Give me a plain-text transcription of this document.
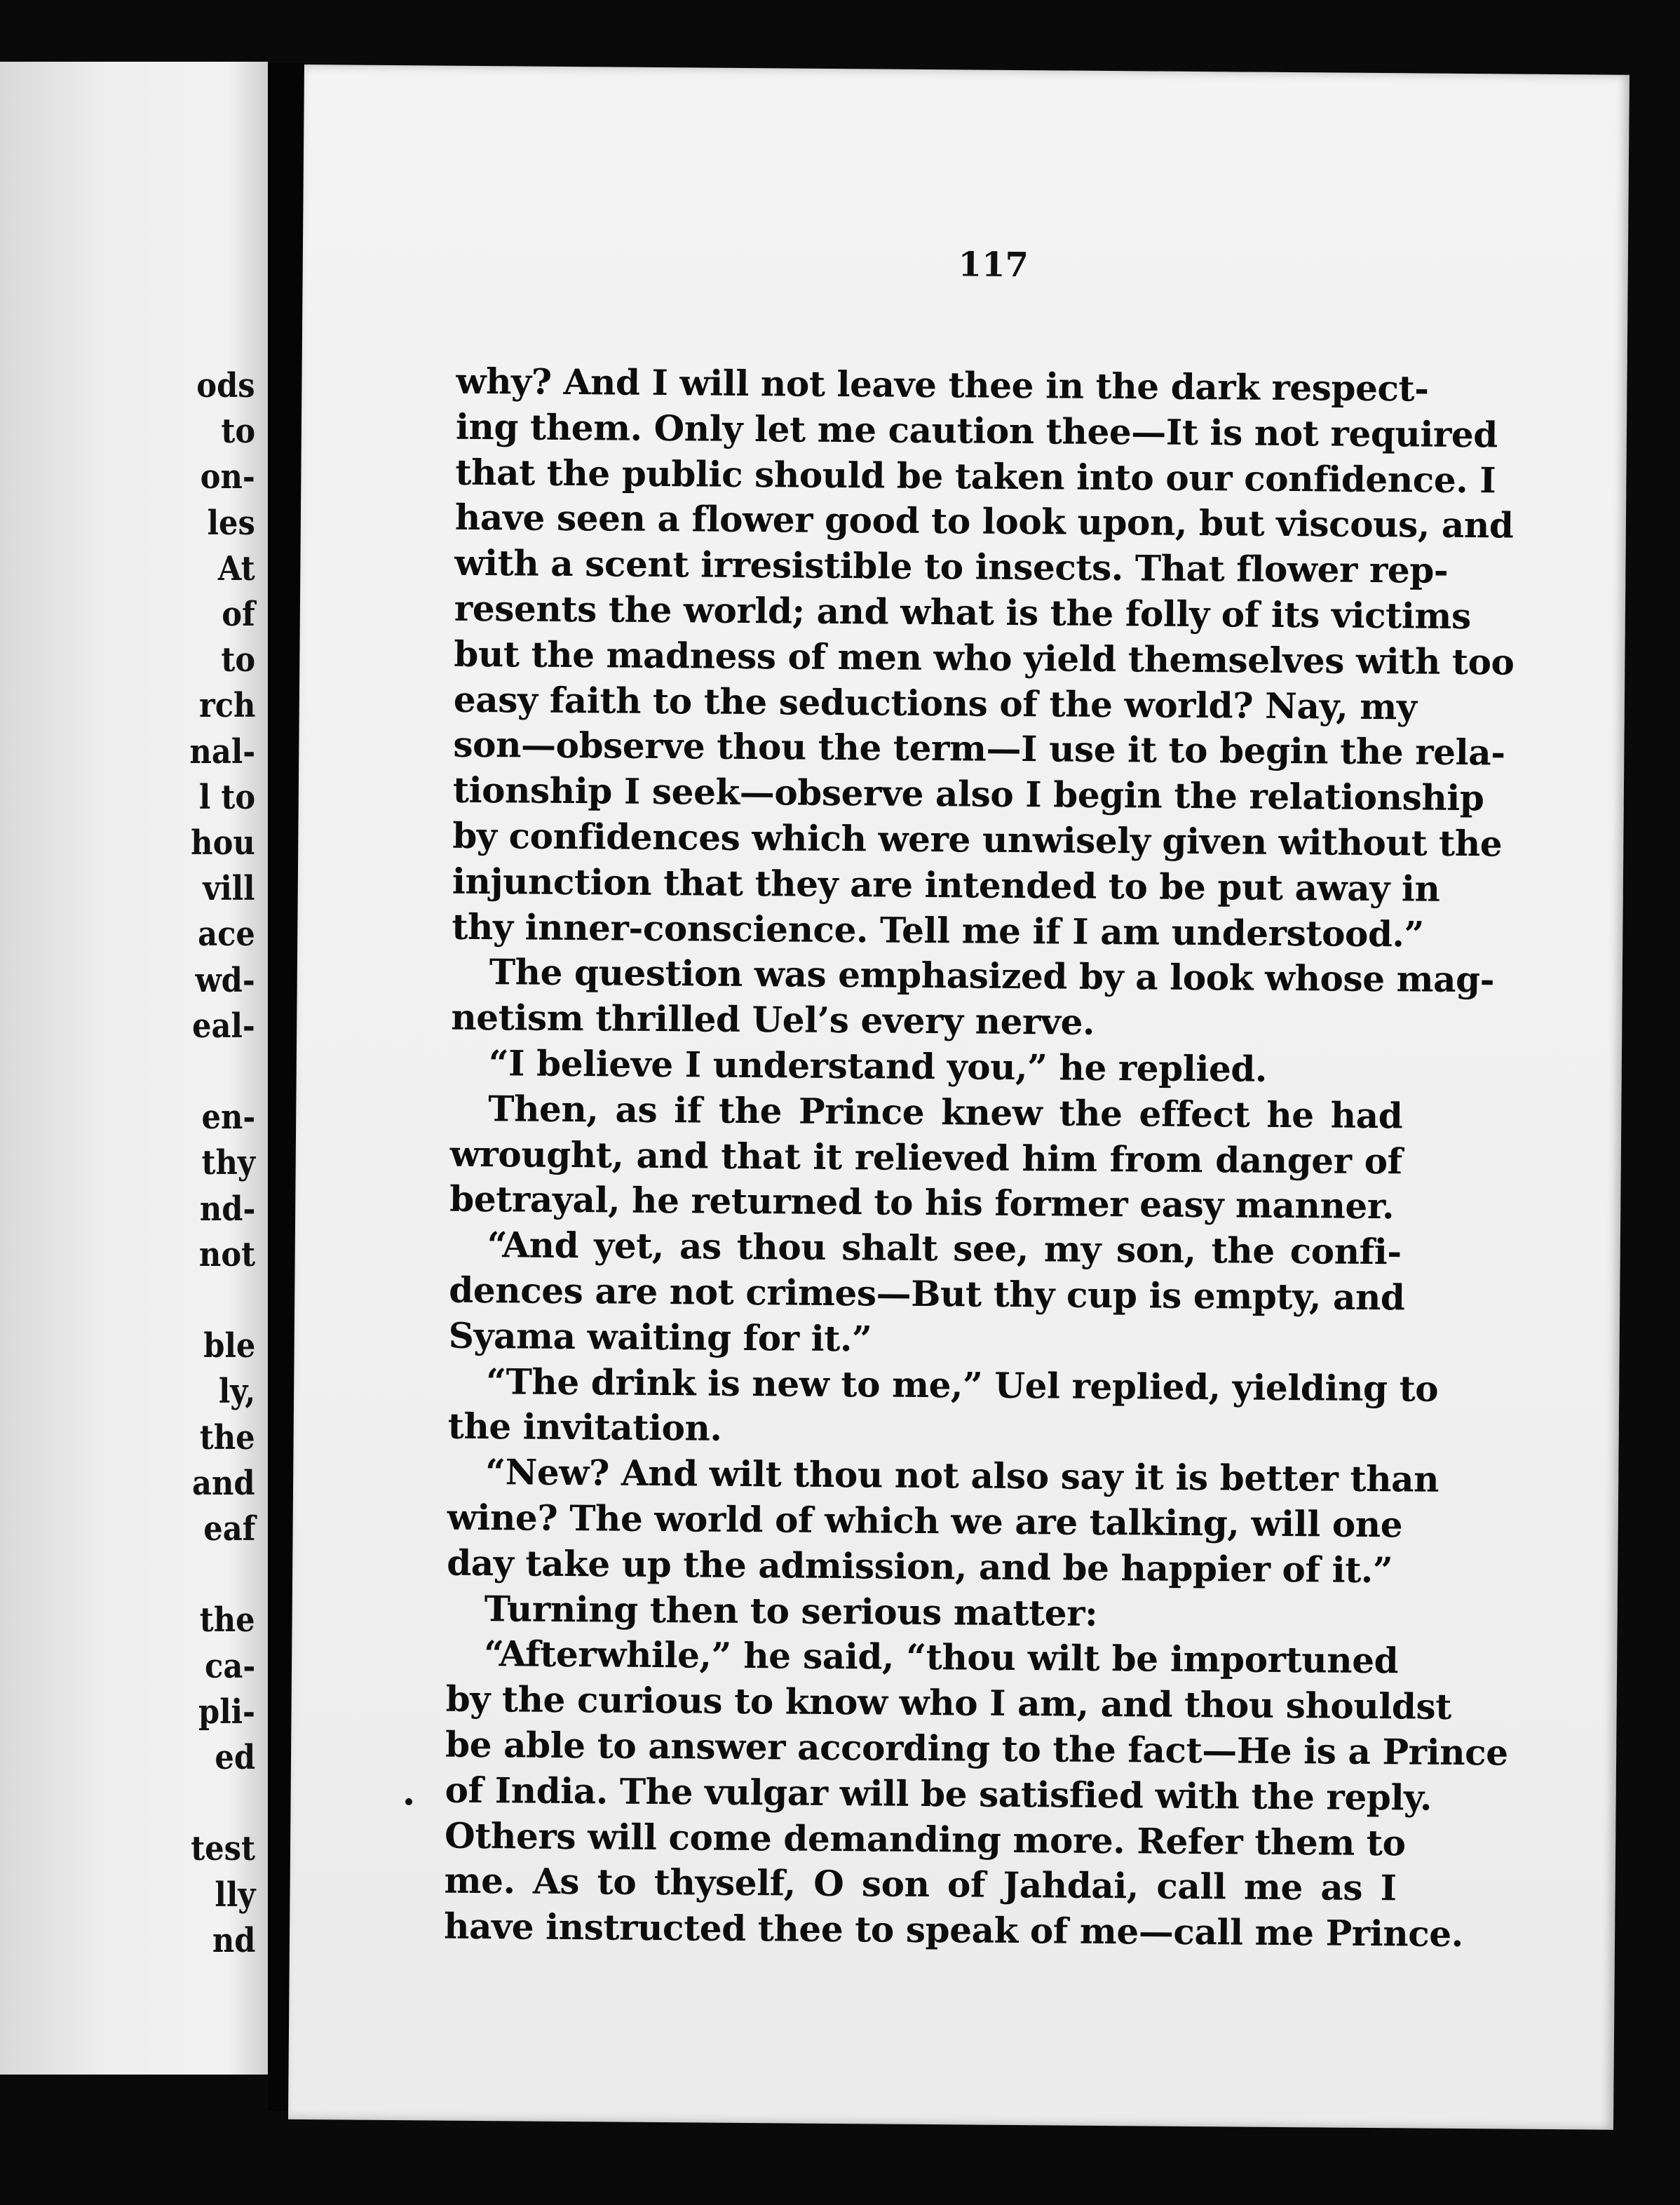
ods
to
on-
les
At
of
to
rch
nal-
l to
hou
vill
ace
wd-
eal-
en-
thy
nd-
not
ble
ly,
the
and
eaf
the
ca-
pli-
ed
test
lly
nd
117
why? And I will not leave thee in the dark respect-
ing them. Only let me caution thee—It is not required
that the public should be taken into our confidence. I
have seen a flower good to look upon, but viscous, and
with a scent irresistible to insects. That flower rep-
resents the world; and what is the folly of its victims
but the madness of men who yield themselves with too
easy faith to the seductions of the world? Nay, my
son—observe thou the term—I use it to begin the rela-
tionship I seek—observe also I begin the relationship
by confidences which were unwisely given without the
injunction that they are intended to be put away in
thy inner-conscience. Tell me if I am understood.”
The question was emphasized by a look whose mag-
netism thrilled Uel’s every nerve.
“I believe I understand you,” he replied.
Then, as if the Prince knew the effect he had
wrought, and that it relieved him from danger of
betrayal, he returned to his former easy manner.
“And yet, as thou shalt see, my son, the confi-
dences are not crimes—But thy cup is empty, and
Syama waiting for it.”
“The drink is new to me,” Uel replied, yielding to
the invitation.
“New? And wilt thou not also say it is better than
wine? The world of which we are talking, will one
day take up the admission, and be happier of it.”
Turning then to serious matter:
“Afterwhile,” he said, “thou wilt be importuned
by the curious to know who I am, and thou shouldst
be able to answer according to the fact—He is a Prince
of India. The vulgar will be satisfied with the reply.
Others will come demanding more. Refer them to
me. As to thyself, O son of Jahdai, call me as I
have instructed thee to speak of me—call me Prince.
